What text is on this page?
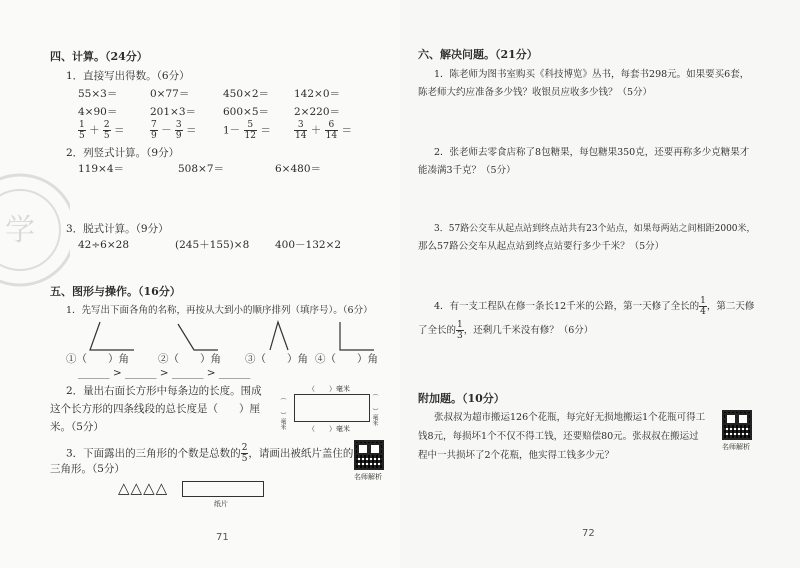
学
四、计算。（24分）
1．直接写出得数。（6分）
55×3＝	0×77＝	450×2＝ 142×0＝
4×90＝	201×3＝	600×5＝ 2×220＝
$\frac{1}{5} + \frac{2}{5}$ ＝	$\frac{7}{9} - \frac{3}{9}$ ＝	$1- \frac{5}{12}$ ＝	$\frac{3}{14} + \frac{6}{14}$ ＝
2．列竖式计算。（9分）
119×4＝	508×7＝	6×480＝
3．脱式计算。（9分）
42÷6×28	(245＋155)×8 400－132×2
五、图形与操作。（16分）
1．先写出下面各角的名称，再按从大到小的顺序排列（填序号）。（6分）
①（　　）角	②（　　）角 ③（　　）角 ④（　　）角
______ > ______ > ______ > ______
2．量出右面长方形中每条边的长度。围成
这个长方形的四条线段的总长度是（　　）厘
米。（5分）
（　　）毫米
（　　）毫米	（　　）毫米
（　　）毫米
3．下面露出的三角形的个数是总数的 $\frac{2}{5}$ ，请画出被纸片盖住的
三角形。（5分）
△△△△
纸片
名师解析
71
六、解决问题。（21分）
1．陈老师为图书室购买《科技博览》丛书，每套书298元。如果要买6套，
陈老师大约应准备多少钱？收银员应收多少钱？（5分）
2．张老师去零食店称了8包糖果，每包糖果350克，还要再称多少克糖果才
能凑满3千克？（5分）
3．57路公交车从起点站到终点站共有23个站点，如果每两站之间相距2000米，
那么57路公交车从起点站到终点站要行多少千米？（5分）
4．有一支工程队在修一条长12千米的公路，第一天修了全长的 $\frac{1}{4}$ ，第二天修
了全长的 $\frac{1}{3}$ ，还剩几千米没有修？（6分）
附加题。（10分）
张叔叔为超市搬运126个花瓶，每完好无损地搬运1个花瓶可得工
钱8元，每损坏1个不仅不得工钱，还要赔偿80元。张叔叔在搬运过
程中一共损坏了2个花瓶，他实得工钱多少元？
名师解析
72
